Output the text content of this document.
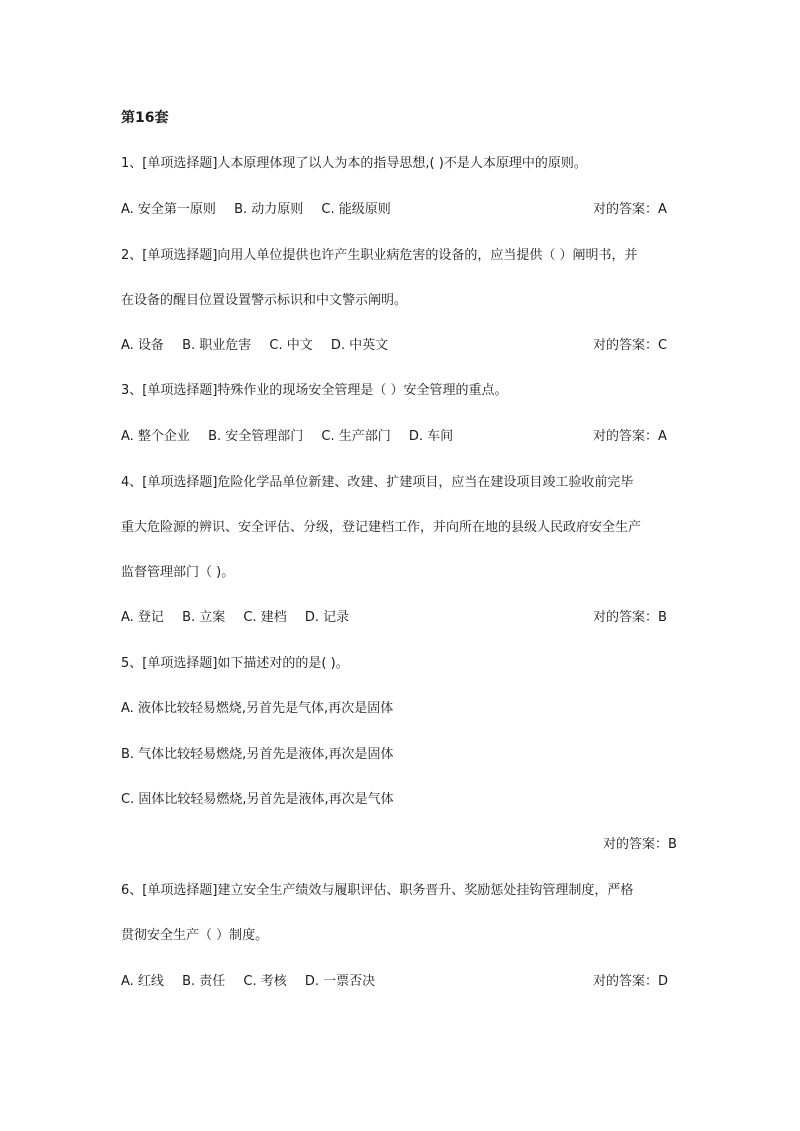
第16套
1、[单项选择题]人本原理体现了以人为本的指导思想,( )不是人本原理中的原则。
A. 安全第一原则 B. 动力原则 C. 能级原则	对的答案：A
2、[单项选择题]向用人单位提供也许产生职业病危害的设备的，应当提供（ ）阐明书，并
在设备的醒目位置设置警示标识和中文警示阐明。
A. 设备 B. 职业危害 C. 中文 D. 中英文	对的答案：C
3、[单项选择题]特殊作业的现场安全管理是（ ）安全管理的重点。
A. 整个企业 B. 安全管理部门 C. 生产部门 D. 车间	对的答案：A
4、[单项选择题]危险化学品单位新建、改建、扩建项目，应当在建设项目竣工验收前完毕
重大危险源的辨识、安全评估、分级，登记建档工作，并向所在地的县级人民政府安全生产
监督管理部门（ )。
A. 登记 B. 立案 C. 建档 D. 记录	对的答案：B
5、[单项选择题]如下描述对的的是( )。
A. 液体比较轻易燃烧,另首先是气体,再次是固体
B. 气体比较轻易燃烧,另首先是液体,再次是固体
C. 固体比较轻易燃烧,另首先是液体,再次是气体
对的答案：B
6、[单项选择题]建立安全生产绩效与履职评估、职务晋升、奖励惩处挂钩管理制度，严格
贯彻安全生产（ ）制度。
A. 红线 B. 责任 C. 考核 D. 一票否决	对的答案：D
